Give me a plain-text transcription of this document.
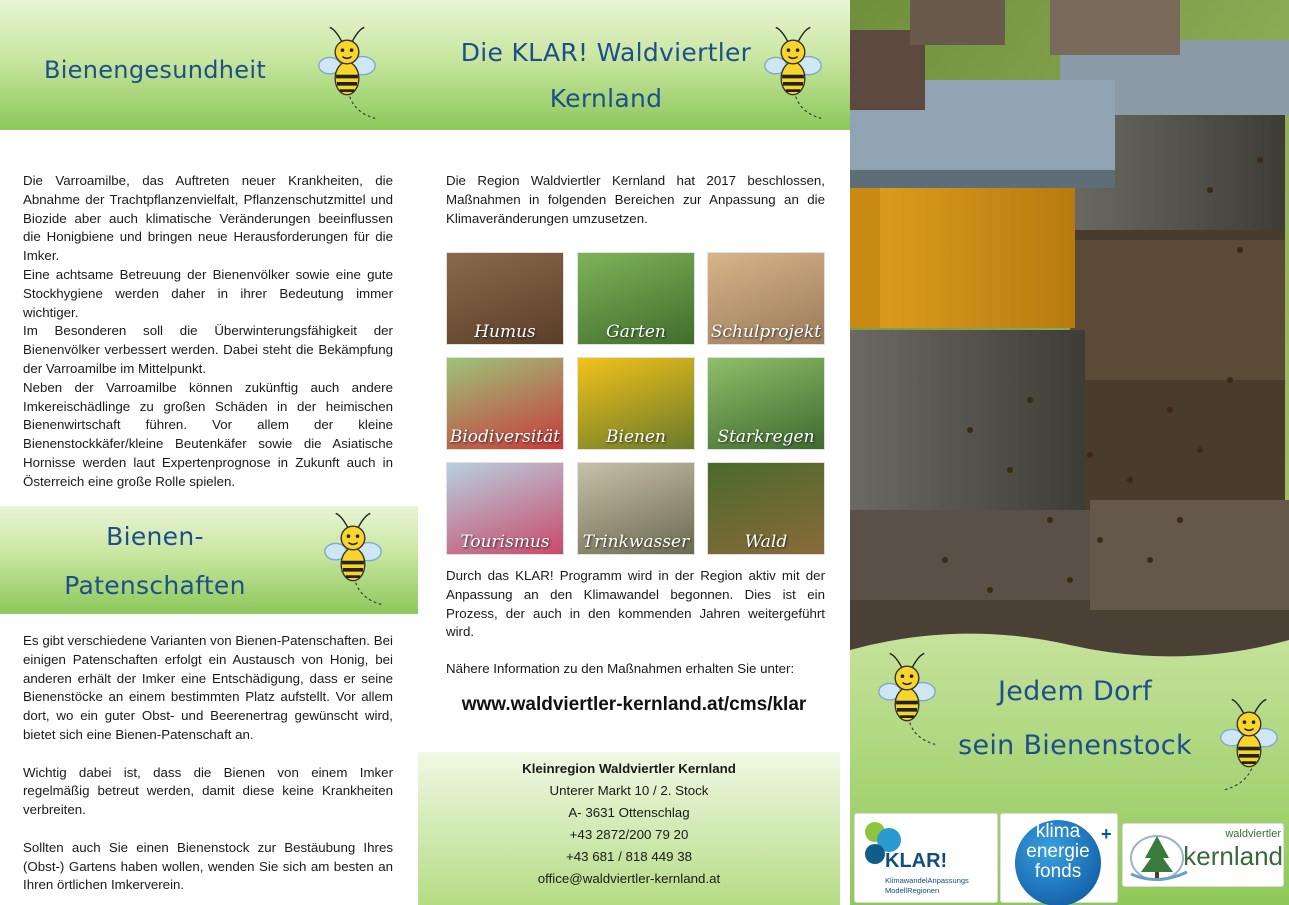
Bienengesundheit

Die Varroamilbe, das Auftreten neuer Krankheiten, die Abnahme der Trachtpflanzenvielfalt, Pflanzenschutzmittel und Biozide aber auch klimatische Veränderungen beeinflussen die Honigbiene und bringen neue Herausforderungen für die Imker.

Eine achtsame Betreuung der Bienenvölker sowie eine gute Stockhygiene werden daher in ihrer Bedeutung immer wichtiger.

Im Besonderen soll die Überwinterungsfähigkeit der Bienenvölker verbessert werden. Dabei steht die Bekämpfung der Varroamilbe im Mittelpunkt.

Neben der Varroamilbe können zukünftig auch andere Imkereischädlinge zu großen Schäden in der heimischen Bienenwirtschaft führen. Vor allem der kleine Bienenstockkäfer/kleine Beutenkäfer sowie die Asiatische Hornisse werden laut Expertenprognose in Zukunft auch in Österreich eine große Rolle spielen.

Bienen-
Patenschaften

Es gibt verschiedene Varianten von Bienen-Patenschaften. Bei einigen Patenschaften erfolgt ein Austausch von Honig, bei anderen erhält der Imker eine Entschädigung, dass er seine Bienenstöcke an einem bestimmten Platz aufstellt. Vor allem dort, wo ein guter Obst- und Beerenertrag gewünscht wird, bietet sich eine Bienen-Patenschaft an.

Wichtig dabei ist, dass die Bienen von einem Imker regelmäßig betreut werden, damit diese keine Krankheiten verbreiten.

Sollten auch Sie einen Bienenstock zur Bestäubung Ihres (Obst-) Gartens haben wollen, wenden Sie sich am besten an Ihren örtlichen Imkerverein.

Die KLAR! Waldviertler
Kernland
Die Region Waldviertler Kernland hat 2017 beschlossen, Maßnahmen in folgenden Bereichen zur Anpassung an die Klimaveränderungen umzusetzen.
Humus	Garten	Schulprojekt
Biodiversität	Bienen	Starkregen
Tourismus	Trinkwasser	Wald
Durch das KLAR! Programm wird in der Region aktiv mit der Anpassung an den Klimawandel begonnen. Dies ist ein Prozess, der auch in den kommenden Jahren weitergeführt wird.
Nähere Information zu den Maßnahmen erhalten Sie unter:
www.waldviertler-kernland.at/cms/klar
Kleinregion Waldviertler Kernland
Unterer Markt 10 / 2. Stock
A- 3631 Ottenschlag
+43 2872/200 79 20
+43 681 / 818 449 38
office@waldviertler-kernland.at
Jedem Dorf
sein Bienenstock
KLAR!
KlimawandelAnpassungs
ModellRegionen
klima
energie
fonds
+	waldviertler
kernland
